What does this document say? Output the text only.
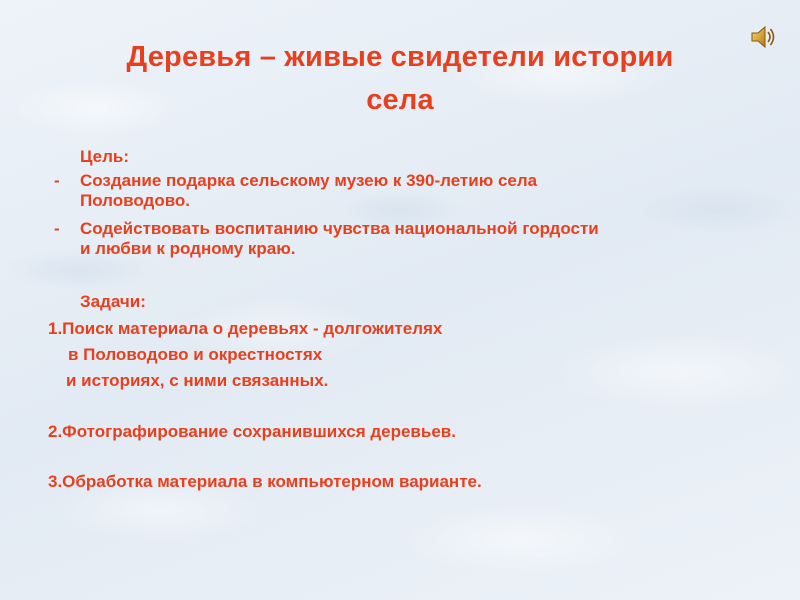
Деревья – живые свидетели истории
села
Цель:
- Создание подарка сельскому музею к 390-летию села
Половодово.
- Содействовать воспитанию чувства национальной гордости
и любви к родному краю.
Задачи:
1.Поиск материала о деревьях - долгожителях
в Половодово и окрестностях
и историях, с ними связанных.
2.Фотографирование сохранившихся деревьев.
3.Обработка материала в компьютерном варианте.
